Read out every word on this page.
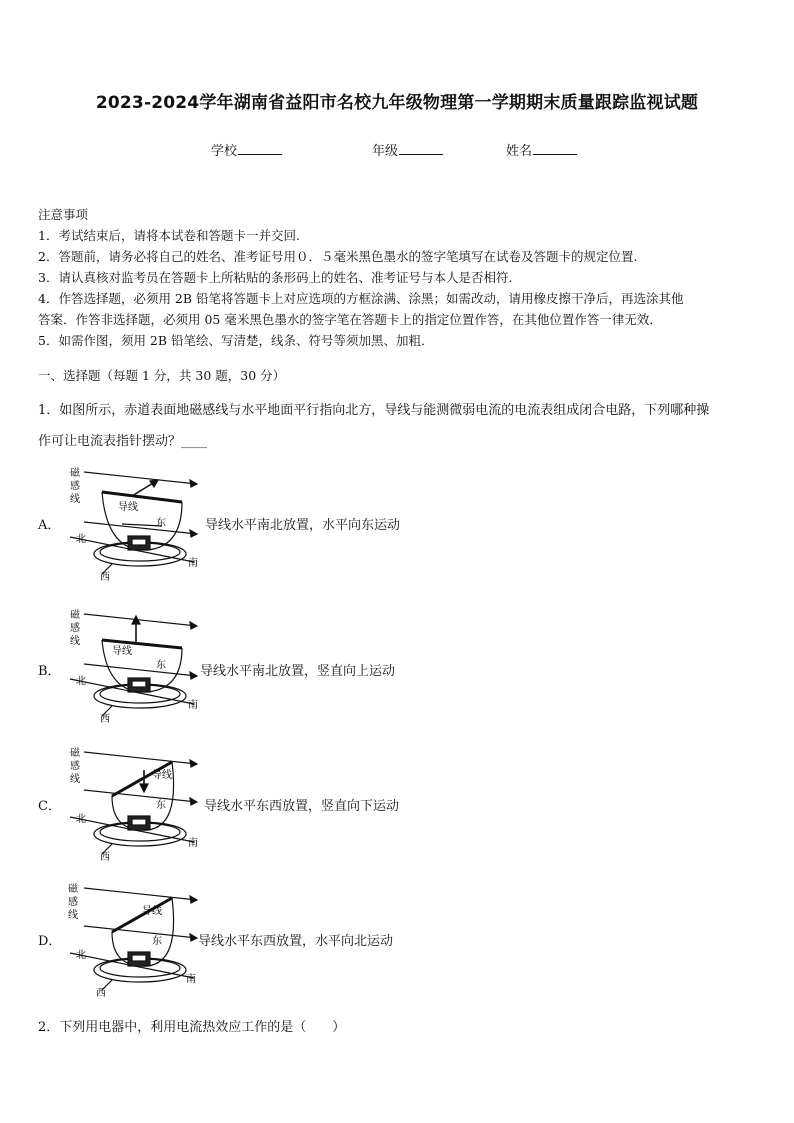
2023-2024学年湖南省益阳市名校九年级物理第一学期期末质量跟踪监视试题
学校	年级	姓名
注意事项
1．考试结束后，请将本试卷和答题卡一并交回.
2．答题前，请务必将自己的姓名、准考证号用０．５毫米黑色墨水的签字笔填写在试卷及答题卡的规定位置.
3．请认真核对监考员在答题卡上所粘贴的条形码上的姓名、准考证号与本人是否相符.
4．作答选择题，必须用 2B 铅笔将答题卡上对应选项的方框涂满、涂黑；如需改动，请用橡皮擦干净后，再选涂其他
答案．作答非选择题，必须用 05 毫米黑色墨水的签字笔在答题卡上的指定位置作答，在其他位置作答一律无效．
5．如需作图，须用 2B 铅笔绘、写清楚，线条、符号等须加黑、加粗．
一、选择题（每题 1 分，共 30 题，30 分）
1．如图所示，赤道表面地磁感线与水平地面平行指向北方，导线与能测微弱电流的电流表组成闭合电路，下列哪种操
作可让电流表指针摆动？____
A．
磁
感
线
导线
东
北
南
西
导线水平南北放置，水平向东运动
B．
磁
感
线
导线
东
北
南
西
导线水平南北放置，竖直向上运动
C．
磁
感
线	导线
东
北
南
西
导线水平东西放置，竖直向下运动
D．
磁
感
线	导线
东
北
南
西
导线水平东西放置，水平向北运动
2．下列用电器中，利用电流热效应工作的是（　　）
